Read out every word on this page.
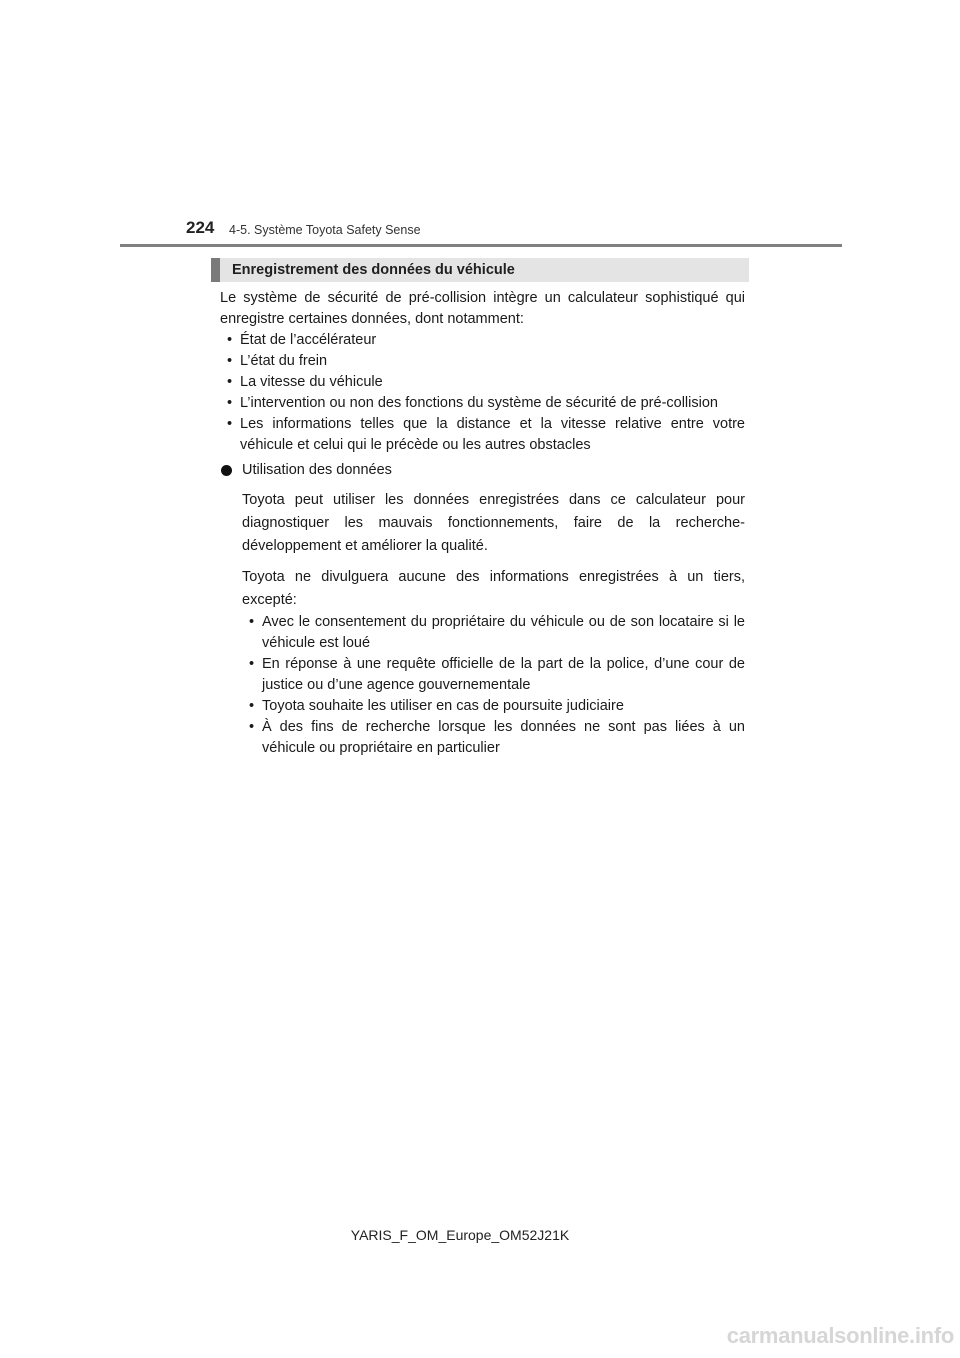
224 4-5. Système Toyota Safety Sense
Enregistrement des données du véhicule

Le système de sécurité de pré-collision intègre un calculateur sophistiqué qui enregistre certaines données, dont notamment:

• État de l’accélérateur
• L’état du frein
• La vitesse du véhicule
• L’intervention ou non des fonctions du système de sécurité de pré-collision
• Les informations telles que la distance et la vitesse relative entre votre véhicule et celui qui le précède ou les autres obstacles
Utilisation des données

Toyota peut utiliser les données enregistrées dans ce calculateur pour diagnostiquer les mauvais fonctionnements, faire de la recherche-développement et améliorer la qualité.

Toyota ne divulguera aucune des informations enregistrées à un tiers, excepté:

• Avec le consentement du propriétaire du véhicule ou de son locataire si le véhicule est loué
• En réponse à une requête officielle de la part de la police, d’une cour de justice ou d’une agence gouvernementale
• Toyota souhaite les utiliser en cas de poursuite judiciaire
• À des fins de recherche lorsque les données ne sont pas liées à un véhicule ou propriétaire en particulier
YARIS_F_OM_Europe_OM52J21K
carmanualsonline.info
